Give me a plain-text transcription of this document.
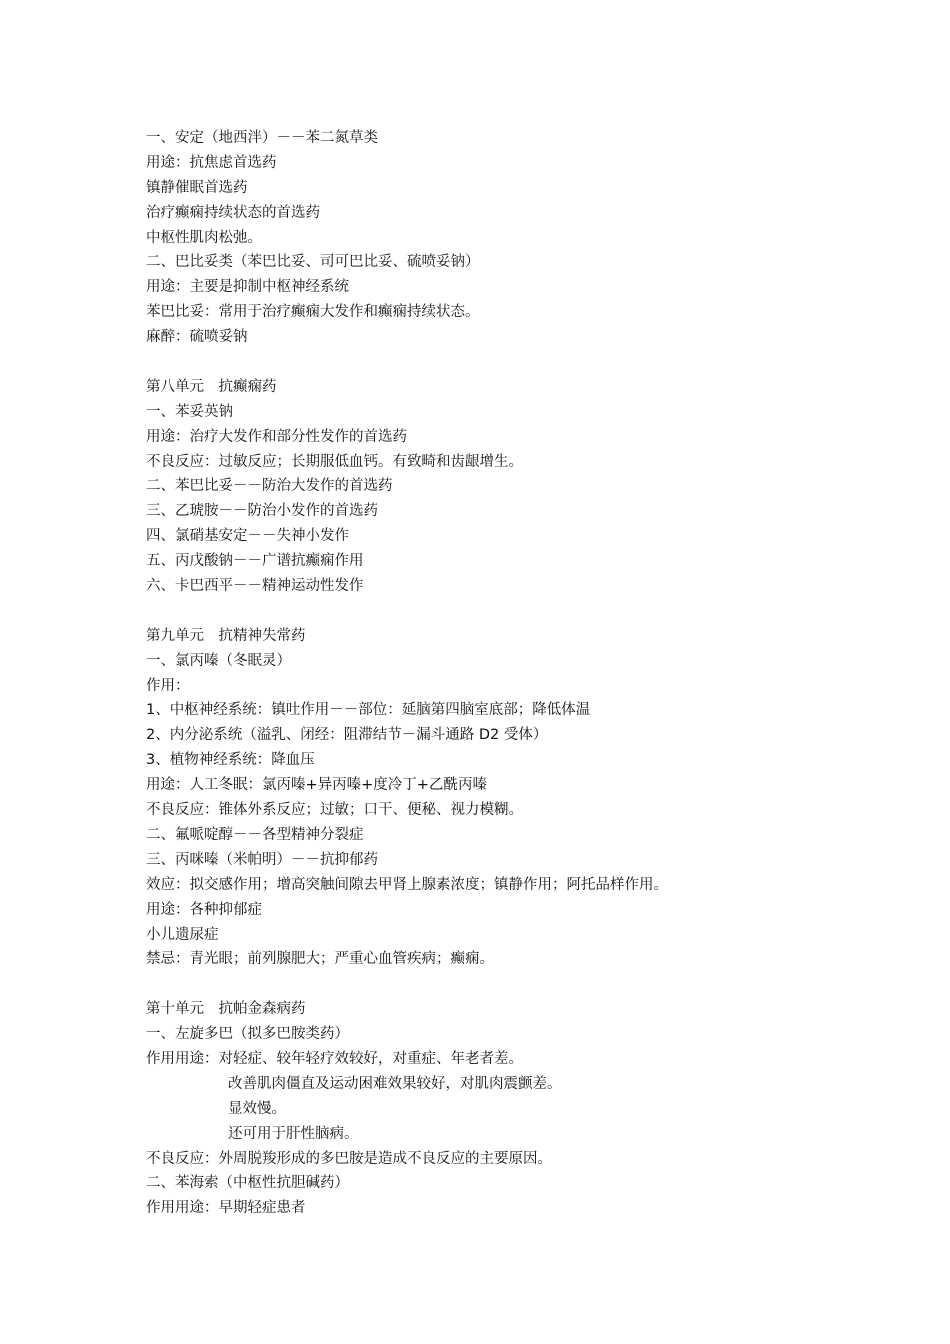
一、安定（地西泮）－－苯二氮草类
用途：抗焦虑首选药
镇静催眠首选药
治疗癫痫持续状态的首选药
中枢性肌肉松弛。
二、巴比妥类（苯巴比妥、司可巴比妥、硫喷妥钠）
用途：主要是抑制中枢神经系统
苯巴比妥：常用于治疗癫痫大发作和癫痫持续状态。
麻醉：硫喷妥钠
第八单元　抗癫痫药
一、苯妥英钠
用途：治疗大发作和部分性发作的首选药
不良反应：过敏反应；长期服低血钙。有致畸和齿龈增生。
二、苯巴比妥－－防治大发作的首选药
三、乙琥胺－－防治小发作的首选药
四、氯硝基安定－－失神小发作
五、丙戊酸钠－－广谱抗癫痫作用
六、卡巴西平－－精神运动性发作
第九单元　抗精神失常药
一、氯丙嗪（冬眠灵）
作用：
1、中枢神经系统：镇吐作用－－部位：延脑第四脑室底部；降低体温
2、内分泌系统（溢乳、闭经：阻滞结节－漏斗通路 D2 受体）
3、植物神经系统：降血压
用途：人工冬眠：氯丙嗪+异丙嗪+度冷丁+乙酰丙嗪
不良反应：锥体外系反应；过敏；口干、便秘、视力模糊。
二、氟哌啶醇－－各型精神分裂症
三、丙咪嗪（米帕明）－－抗抑郁药
效应：拟交感作用；增高突触间隙去甲肾上腺素浓度；镇静作用；阿托品样作用。
用途：各种抑郁症
小儿遗尿症
禁忌：青光眼；前列腺肥大；严重心血管疾病；癫痫。
第十单元　抗帕金森病药
一、左旋多巴（拟多巴胺类药）
作用用途：对轻症、较年轻疗效较好，对重症、年老者差。
改善肌肉僵直及运动困难效果较好，对肌肉震颤差。
显效慢。
还可用于肝性脑病。
不良反应：外周脱羧形成的多巴胺是造成不良反应的主要原因。
二、苯海索（中枢性抗胆碱药）
作用用途：早期轻症患者
